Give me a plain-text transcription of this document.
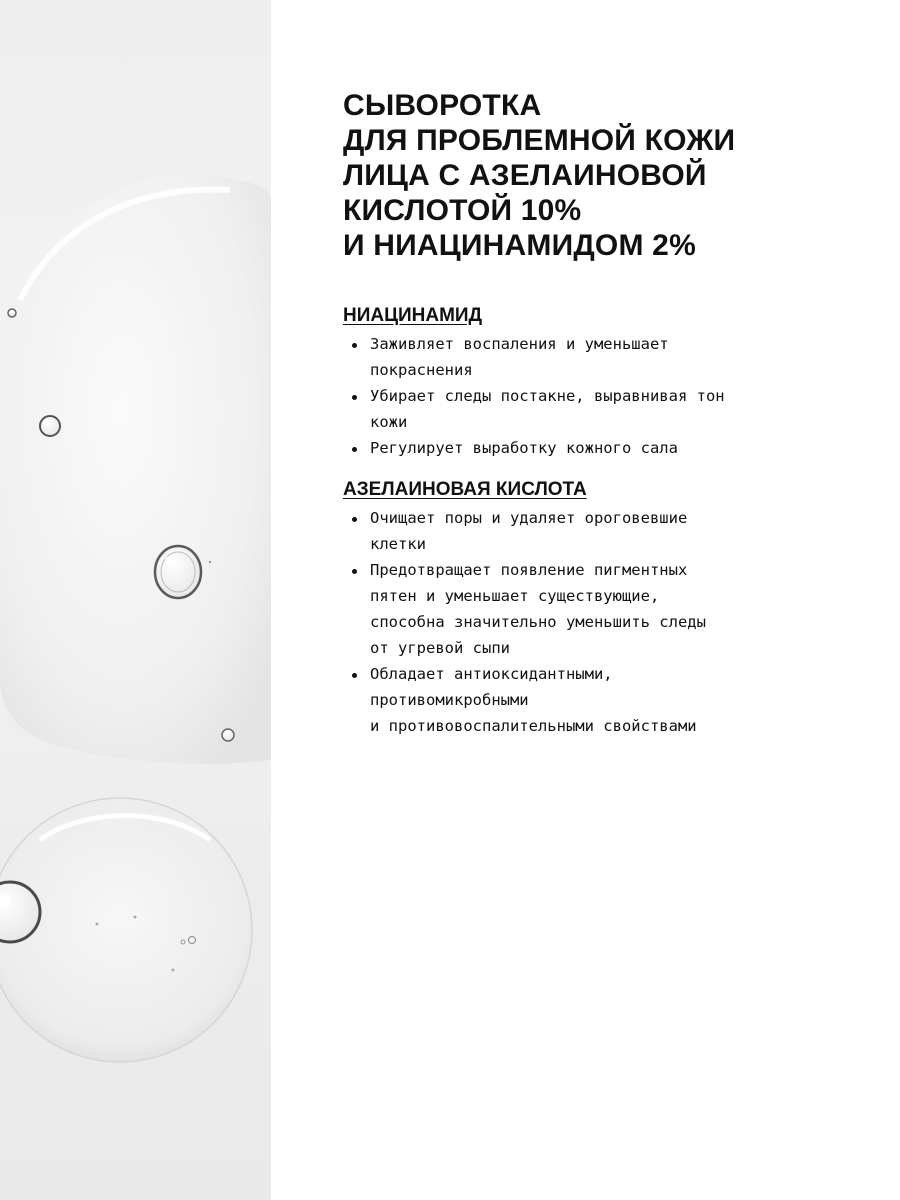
СЫВОРОТКА
ДЛЯ ПРОБЛЕМНОЙ КОЖИ
ЛИЦА С АЗЕЛАИНОВОЙ
КИСЛОТОЙ 10%
И НИАЦИНАМИДОМ 2%
НИАЦИНАМИД
Заживляет воспаления и уменьшает
покраснения
Убирает следы постакне, выравнивая тон
кожи
Регулирует выработку кожного сала
АЗЕЛАИНОВАЯ КИСЛОТА
Очищает поры и удаляет ороговевшие
клетки
Предотвращает появление пигментных
пятен и уменьшает существующие,
способна значительно уменьшить следы
от угревой сыпи
Обладает антиоксидантными,
противомикробными
и противовоспалительными свойствами
